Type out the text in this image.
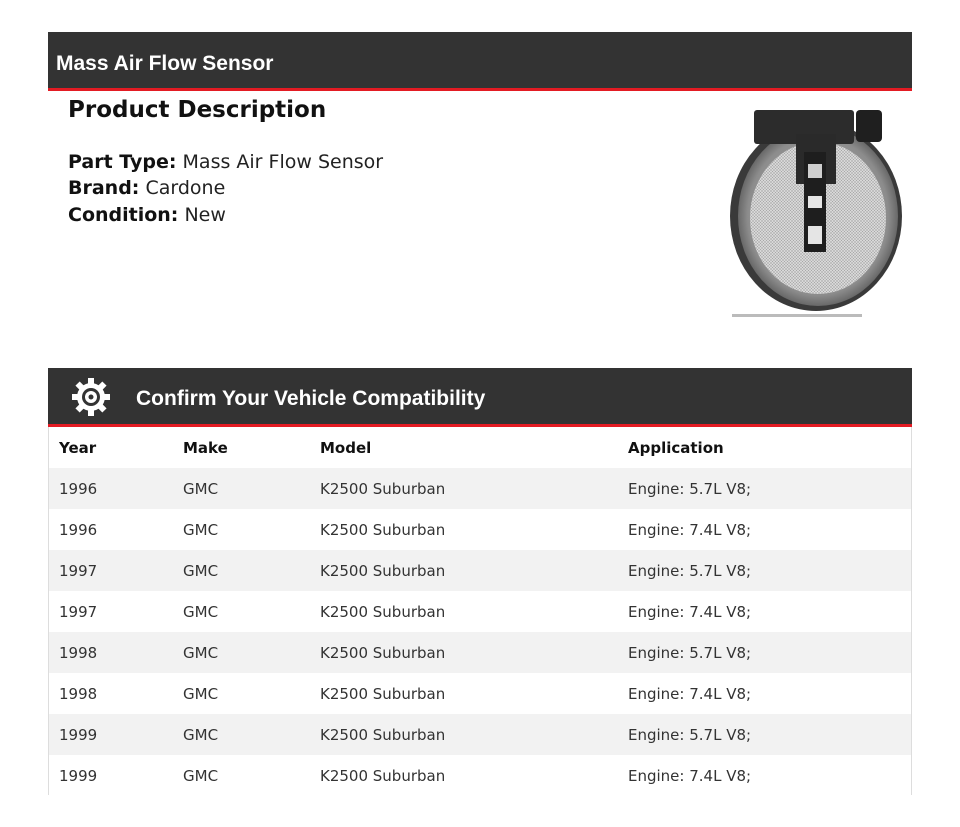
Mass Air Flow Sensor
Product Description
Part Type: Mass Air Flow Sensor
Brand: Cardone
Condition: New
Confirm Your Vehicle Compatibility
Year	Make	Model	Application
1996	GMC	K2500 Suburban	Engine: 5.7L V8;
1996	GMC	K2500 Suburban	Engine: 7.4L V8;
1997	GMC	K2500 Suburban	Engine: 5.7L V8;
1997	GMC	K2500 Suburban	Engine: 7.4L V8;
1998	GMC	K2500 Suburban	Engine: 5.7L V8;
1998	GMC	K2500 Suburban	Engine: 7.4L V8;
1999	GMC	K2500 Suburban	Engine: 5.7L V8;
1999	GMC	K2500 Suburban	Engine: 7.4L V8;
